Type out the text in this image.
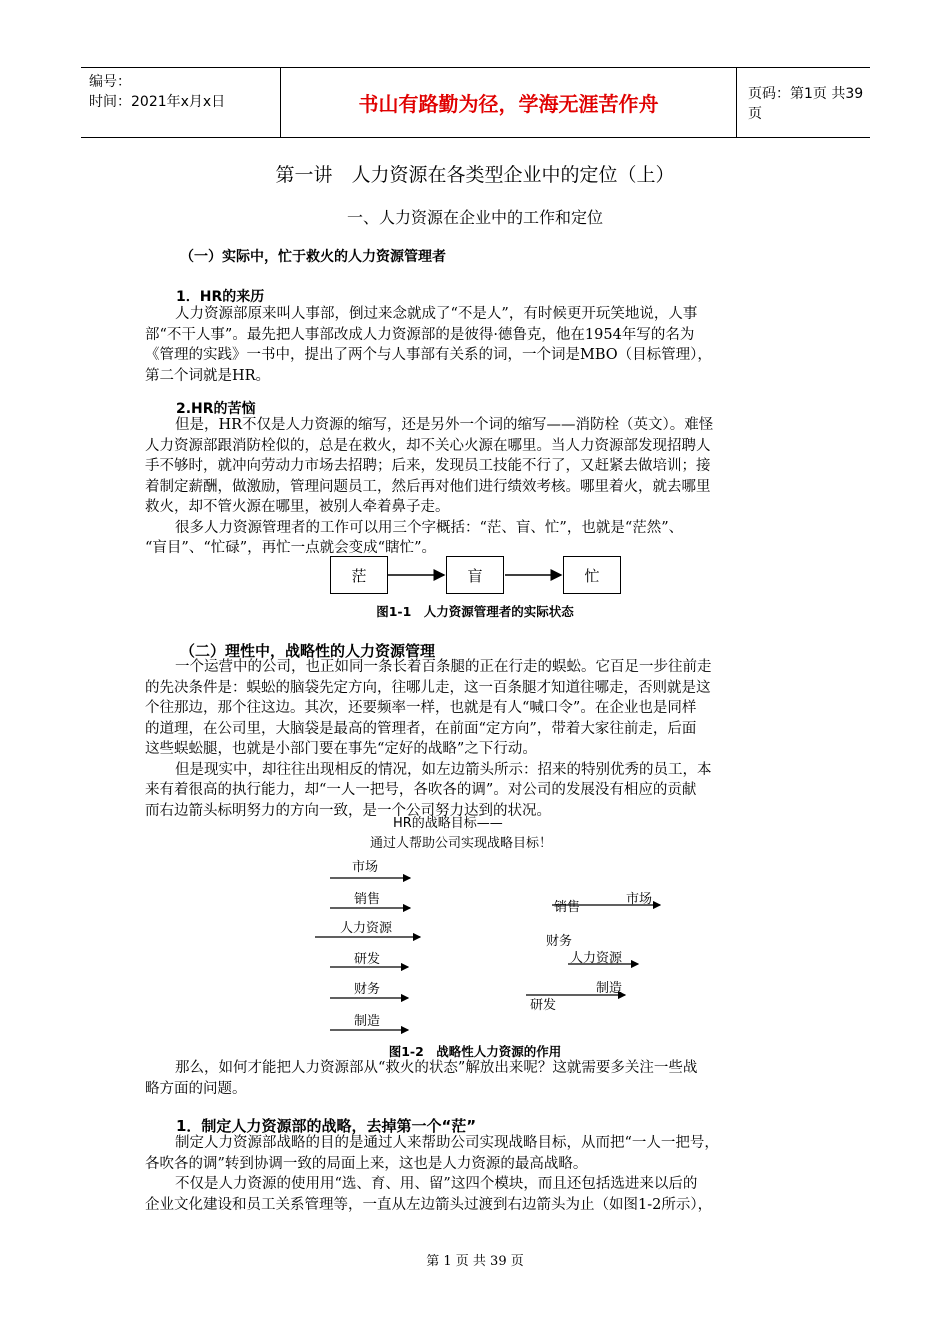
编号：
时间：2021年x月x日	书山有路勤为径，学海无涯苦作舟	页码：第1页 共39页
第一讲　人力资源在各类型企业中的定位（上）
一、人力资源在企业中的工作和定位
（一）实际中，忙于救火的人力资源管理者
1．HR的来历
人力资源部原来叫人事部，倒过来念就成了“不是人”，有时候更开玩笑地说，人事
部“不干人事”。最先把人事部改成人力资源部的是彼得·德鲁克，他在1954年写的名为
《管理的实践》一书中，提出了两个与人事部有关系的词，一个词是MBO（目标管理），
第二个词就是HR。
2.HR的苦恼
但是，HR不仅是人力资源的缩写，还是另外一个词的缩写——消防栓（英文）。难怪
人力资源部跟消防栓似的，总是在救火，却不关心火源在哪里。当人力资源部发现招聘人
手不够时，就冲向劳动力市场去招聘；后来，发现员工技能不行了，又赶紧去做培训；接
着制定薪酬，做激励，管理问题员工，然后再对他们进行绩效考核。哪里着火，就去哪里
救火，却不管火源在哪里，被别人牵着鼻子走。
很多人力资源管理者的工作可以用三个字概括：“茫、盲、忙”，也就是“茫然”、
“盲目”、“忙碌”，再忙一点就会变成“瞎忙”。
茫	盲	忙
图1-1　人力资源管理者的实际状态
（二）理性中，战略性的人力资源管理
一个运营中的公司，也正如同一条长着百条腿的正在行走的蜈蚣。它百足一步往前走
的先决条件是：蜈蚣的脑袋先定方向，往哪儿走，这一百条腿才知道往哪走，否则就是这
个往那边，那个往这边。其次，还要频率一样，也就是有人“喊口令”。在企业也是同样
的道理，在公司里，大脑袋是最高的管理者，在前面“定方向”，带着大家往前走，后面
这些蜈蚣腿，也就是小部门要在事先“定好的战略”之下行动。
但是现实中，却往往出现相反的情况，如左边箭头所示：招来的特别优秀的员工，本
来有着很高的执行能力，却“一人一把号，各吹各的调”。对公司的发展没有相应的贡献
而右边箭头标明努力的方向一致，是一个公司努力达到的状况。
HR的战略目标——
通过人帮助公司实现战略目标！
市场
销售
人力资源
研发
财务
制造
销售
市场
财务
人力资源
制造
研发
图1-2　战略性人力资源的作用
那么，如何才能把人力资源部从“救火的状态”解放出来呢？这就需要多关注一些战
略方面的问题。
1．制定人力资源部的战略，去掉第一个“茫”
制定人力资源部战略的目的是通过人来帮助公司实现战略目标，从而把“一人一把号，
各吹各的调”转到协调一致的局面上来，这也是人力资源的最高战略。
不仅是人力资源的使用用“选、育、用、留”这四个模块，而且还包括选进来以后的
企业文化建设和员工关系管理等，一直从左边箭头过渡到右边箭头为止（如图1-2所示），
第 1 页 共 39 页
